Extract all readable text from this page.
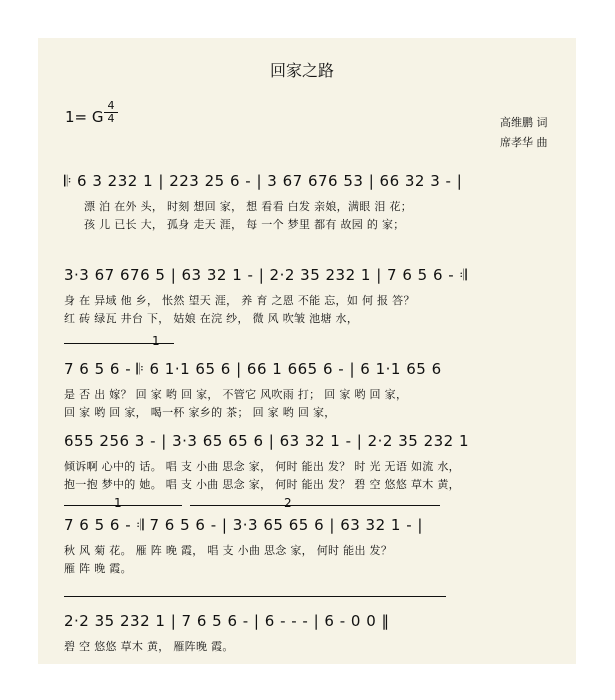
回家之路
1= G
4
4	高维鹏 词
席孝华 曲
𝄆 6 3 232 1 | 223 25 6 - | 3 67 676 53 | 66 32 3 - |
漂 泊 在外 头， 时刻 想回 家， 想 看看 白发 亲娘，满眼 泪 花；
孩 儿 已长 大， 孤身 走天 涯， 每 一个 梦里 都有 故园 的 家；
3·3 67 676 5 | 63 32 1 - | 2·2 35 232 1 | 7 6 5 6 - 𝄇
身 在 异域 他 乡， 怅然 望天 涯， 养 育 之恩 不能 忘，如 何 报 答？
红 砖 绿瓦 井台 下， 姑娘 在浣 纱， 微 风 吹皱 池塘 水，
1
7 6 5 6 - 𝄆 6 1·1 65 6 | 66 1 665 6 - | 6 1·1 65 6
是 否 出 嫁？ 回 家 哟 回 家， 不管它 风吹雨 打； 回 家 哟 回 家，
回 家 哟 回 家， 喝一杯 家乡的 茶； 回 家 哟 回 家，
655 256 3 - | 3·3 65 65 6 | 63 32 1 - | 2·2 35 232 1
倾诉啊 心中的 话。 唱 支 小曲 思念 家， 何时 能出 发？ 时 光 无语 如流 水，
抱一抱 梦中的 她。 唱 支 小曲 思念 家， 何时 能出 发？ 碧 空 悠悠 草木 黄，
1	2
7 6 5 6 - 𝄇 7 6 5 6 - | 3·3 65 65 6 | 63 32 1 - |
秋 风 菊 花。 雁 阵 晚 霞， 唱 支 小曲 思念 家， 何时 能出 发？
雁 阵 晚 霞。
2·2 35 232 1 | 7 6 5 6 - | 6 - - - | 6 - 0 0 ‖
碧 空 悠悠 草木 黄， 雁阵晚 霞。
